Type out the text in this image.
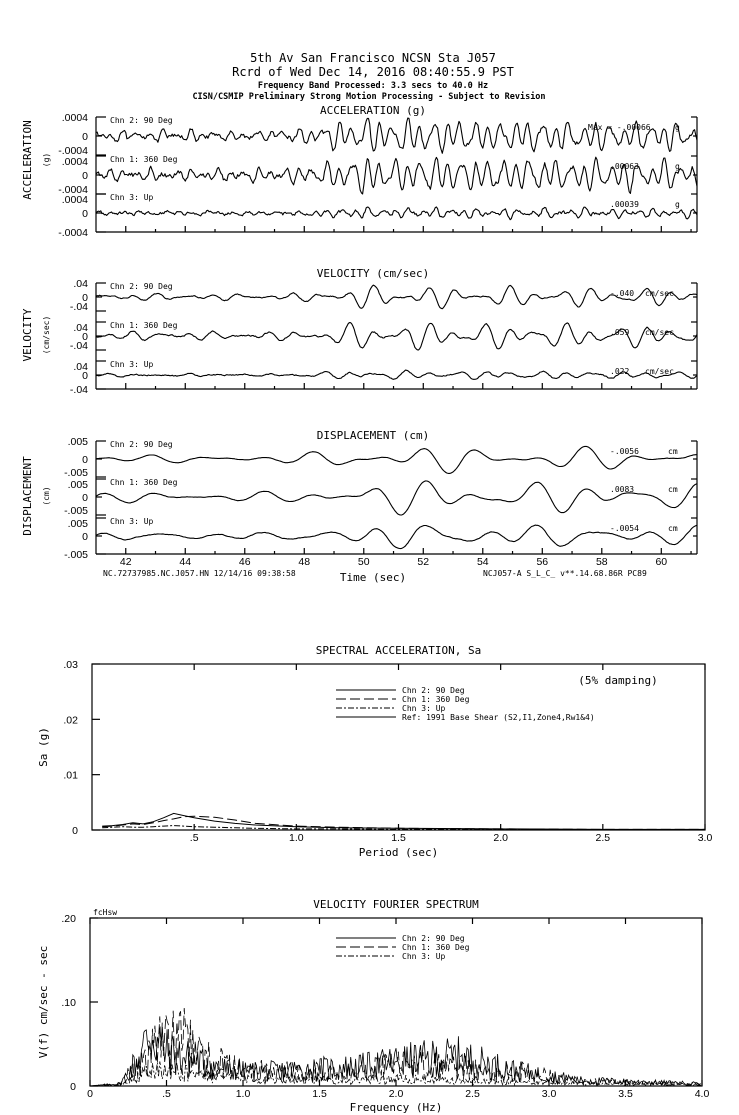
5th Av San Francisco NCSN Sta J057
Rcrd of Wed Dec 14, 2016 08:40:55.9 PST
Frequency Band Processed: 3.3 secs to 40.0 Hz
CISN/CSMIP Preliminary Strong Motion Processing - Subject to Revision
ACCELERATION (g)
ACCELERATION (g)
0
.0004
-.0004
Chn 2: 90 Deg
Max = -.00066	g
0
.0004
-.0004
Chn 1: 360 Deg
.00063	g
0
.0004
-.0004
Chn 3: Up
.00039	g
VELOCITY (cm/sec)
VELOCITY (cm/sec)
0
.04
-.04
Chn 2: 90 Deg
-.040 cm/sec
0
.04
-.04
Chn 1: 360 Deg
.059 cm/sec
0
.04
-.04
Chn 3: Up
.022 cm/sec
DISPLACEMENT (cm)
DISPLACEMENT (cm)
0
.005
-.005
Chn 2: 90 Deg
-.0056	cm
0
.005
-.005
Chn 1: 360 Deg
.0083	cm
0
.005
-.005
Chn 3: Up
-.0054	cm
42	44	46	48	50	52	54	56	58	60
Time (sec)
SPECTRAL ACCELERATION, Sa
Period (sec)
Sa (g)
.5	1.0	1.5	2.0	2.5	3.0
0
.01
.02
.03
Chn 2: 90 Deg
Chn 1: 360 Deg
Chn 3: Up
Ref: 1991 Base Shear (S2,I1,Zone4,Rw1&4)
(5% damping)
VELOCITY FOURIER SPECTRUM
Frequency (Hz)
V(f) cm/sec - sec
0	.5	1.0	1.5	2.0	2.5	3.0	3.5	4.0
0
.10
.20
Chn 2: 90 Deg
Chn 1: 360 Deg
Chn 3: Up
fcHsw
NC.72737985.NC.J057.HN 12/14/16 09:38:58	NCJ057-A S_L_C_ v**.14.68.86R PC89
